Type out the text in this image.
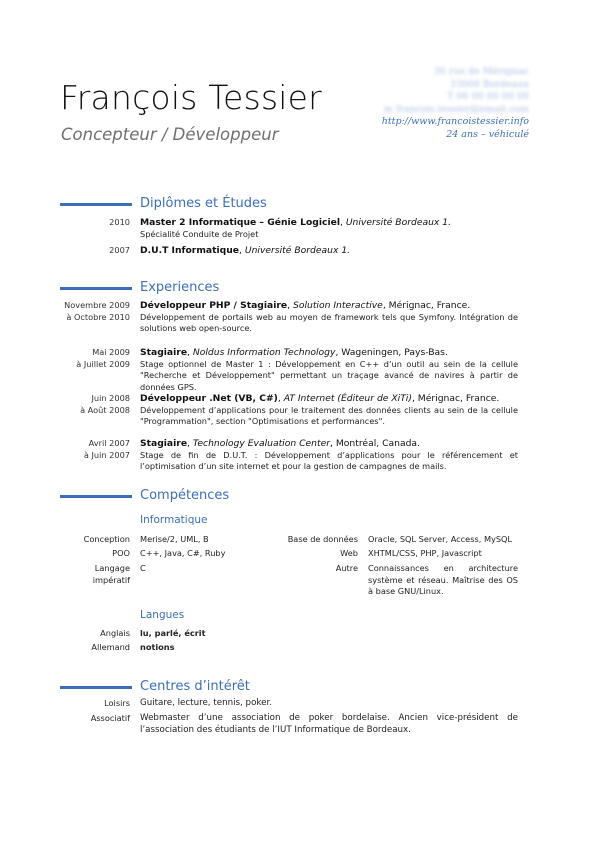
François Tessier
Concepteur / Développeur
30 rue de Mérignac
33000 Bordeaux
T 06 00 00 00 00
m francois.tessier@email.com
http://www.francoistessier.info
24 ans – véhiculé
Diplômes et Études
2010 Master 2 Informatique – Génie Logiciel, Université Bordeaux 1.
Spécialité Conduite de Projet
2007 D.U.T Informatique, Université Bordeaux 1.
Experiences
Novembre 2009
à Octobre 2010
Développeur PHP / Stagiaire, Solution Interactive, Mérignac, France.
Développement de portails web au moyen de framework tels que Symfony. Intégration de solutions web open-source.
Mai 2009
à Juillet 2009
Stagiaire, Noldus Information Technology, Wageningen, Pays-Bas.
Stage optionnel de Master 1 : Développement en C++ d’un outil au sein de la cellule "Recherche et Développement" permettant un traçage avancé de navires à partir de données GPS.
Juin 2008
à Août 2008
Développeur .Net (VB, C#), AT Internet (Éditeur de XiTi), Mérignac, France.
Développement d’applications pour le traitement des données clients au sein de la cellule "Programmation", section "Optimisations et performances".
Avril 2007
à Juin 2007
Stagiaire, Technology Evaluation Center, Montréal, Canada.
Stage de fin de D.U.T. : Développement d’applications pour le référencement et l’optimisation d’un site internet et pour la gestion de campagnes de mails.
Compétences
Informatique
Conception Merise/2, UML, B	Base de données Oracle, SQL Server, Access, MySQL
POO C++, Java, C#, Ruby	Web XHTML/CSS, PHP, Javascript
Langage
impératif
C	Autre Connaissances en architecture système et réseau. Maîtrise des OS à base GNU/Linux.
Langues
Anglais lu, parlé, écrit
Allemand notions
Centres d’intérêt
Loisirs Guitare, lecture, tennis, poker.
Associatif Webmaster d’une association de poker bordelaise. Ancien vice-président de l’association des étudiants de l’IUT Informatique de Bordeaux.
